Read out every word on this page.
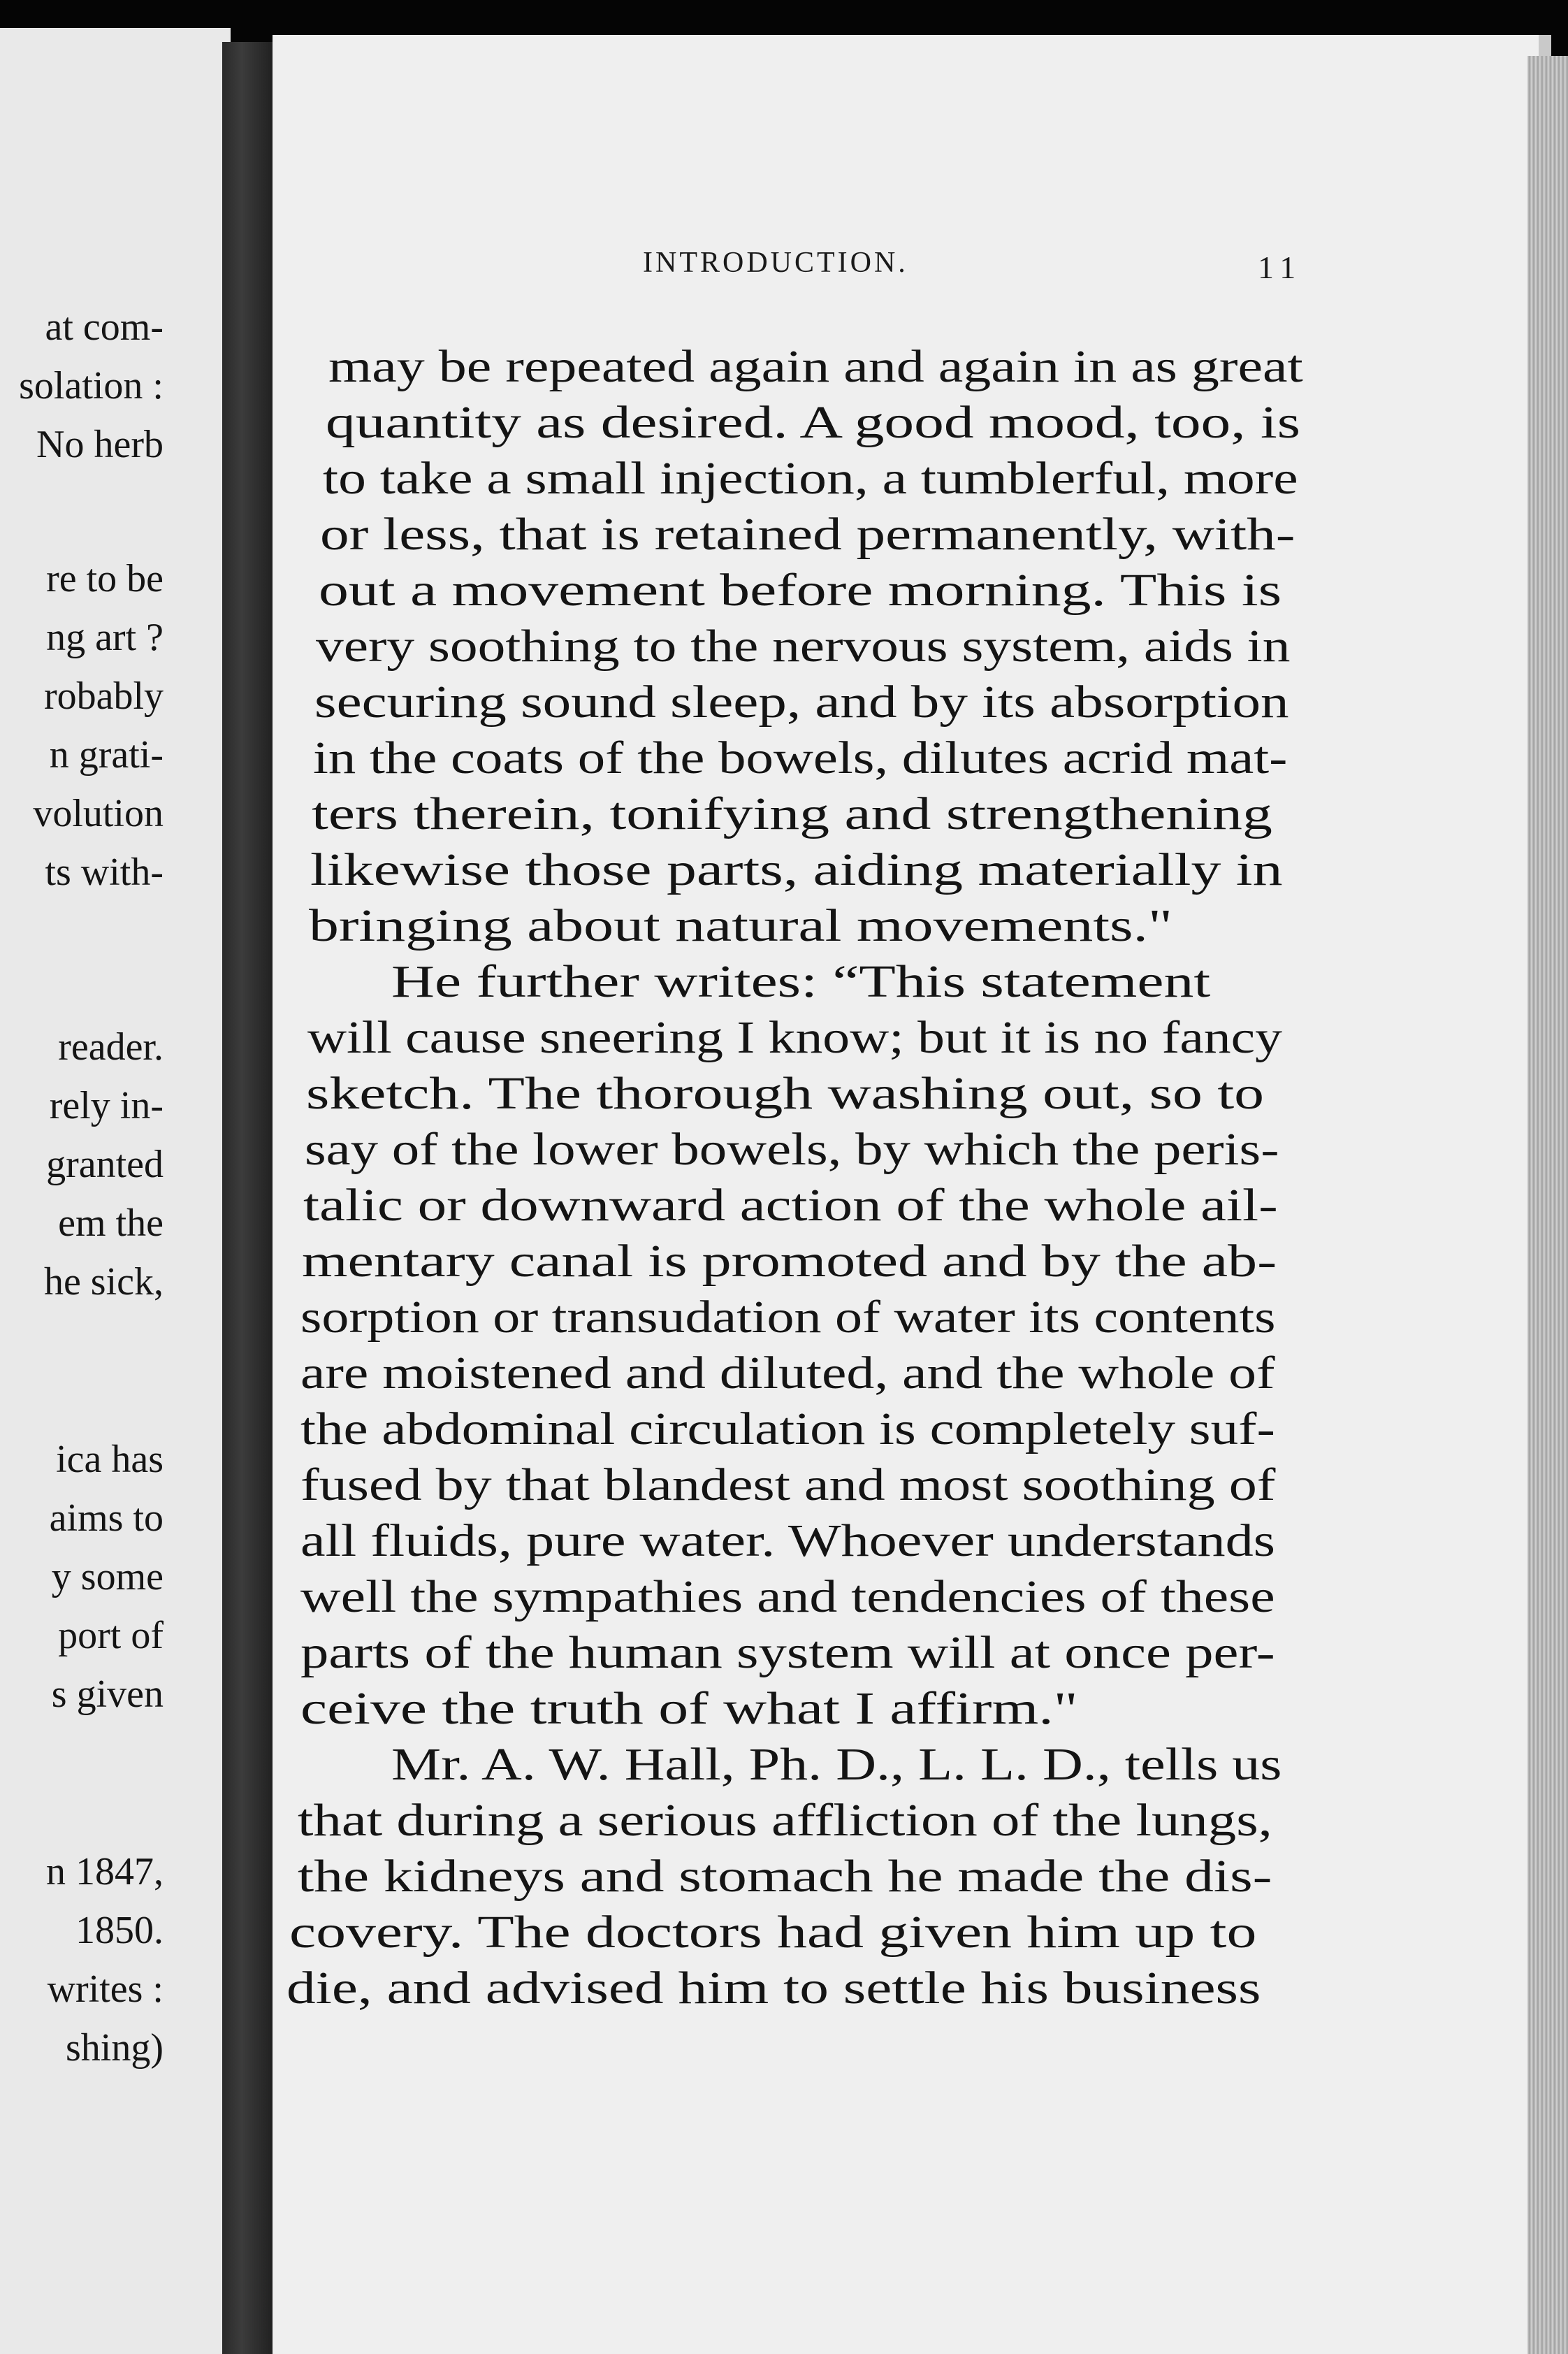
at com-
solation :
No herb
re to be
ng art ?
robably
n grati-
volution
ts with-
reader.
rely in-
granted
em the
he sick,
ica has
aims to
y some
port of
s given
n 1847,
1850.
writes :
shing)
INTRODUCTION.	11
may be repeated again and again in as great
quantity as desired. A good mood, too, is
to take a small injection, a tumblerful, more
or less, that is retained permanently, with-
out a movement before morning. This is
very soothing to the nervous system, aids in
securing sound sleep, and by its absorption
in the coats of the bowels, dilutes acrid mat-
ters therein, tonifying and strengthening
likewise those parts, aiding materially in
bringing about natural movements."
He further writes: “This statement
will cause sneering I know; but it is no fancy
sketch. The thorough washing out, so to
say of the lower bowels, by which the peris-
talic or downward action of the whole ail-
mentary canal is promoted and by the ab-
sorption or transudation of water its contents
are moistened and diluted, and the whole of
the abdominal circulation is completely suf-
fused by that blandest and most soothing of
all fluids, pure water. Whoever understands
well the sympathies and tendencies of these
parts of the human system will at once per-
ceive the truth of what I affirm."
Mr. A. W. Hall, Ph. D., L. L. D., tells us
that during a serious affliction of the lungs,
the kidneys and stomach he made the dis-
covery. The doctors had given him up to
die, and advised him to settle his business
